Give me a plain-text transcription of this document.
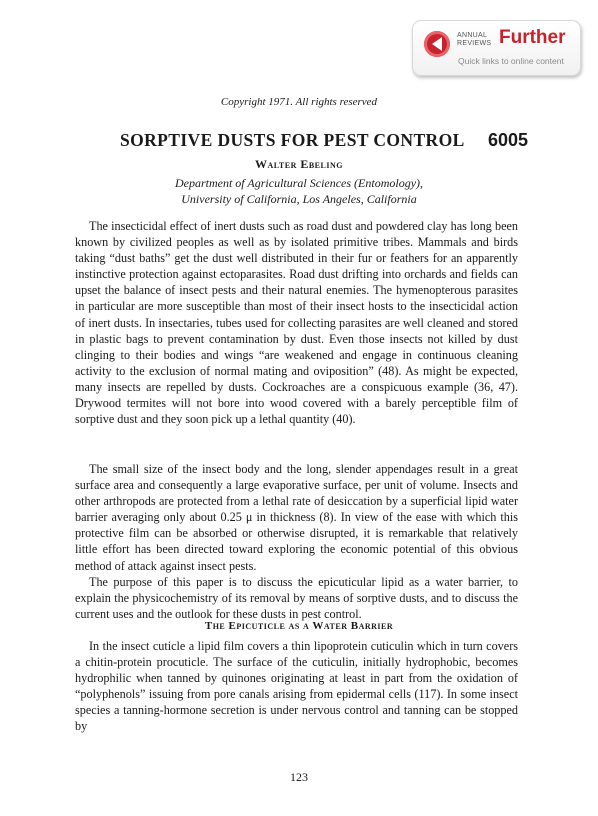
ANNUAL
REVIEWS Further
Quick links to online content
Copyright 1971. All rights reserved
SORPTIVE DUSTS FOR PEST CONTROL 6005
Walter Ebeling
Department of Agricultural Sciences (Entomology),
University of California, Los Angeles, California

The insecticidal effect of inert dusts such as road dust and powdered clay has long been known by civilized peoples as well as by isolated primitive tribes. Mammals and birds taking “dust baths” get the dust well distributed in their fur or feathers for an apparently instinctive protection against ectoparasites. Road dust drifting into orchards and fields can upset the balance of insect pests and their natural enemies. The hymenopterous parasites in particular are more susceptible than most of their insect hosts to the insecticidal action of inert dusts. In insectaries, tubes used for collecting parasites are well cleaned and stored in plastic bags to prevent contamination by dust. Even those insects not killed by dust clinging to their bodies and wings “are weakened and engage in continuous cleaning activity to the exclusion of normal mating and oviposition” (48). As might be expected, many insects are repelled by dusts. Cockroaches are a conspicuous example (36, 47). Drywood termites will not bore into wood covered with a barely perceptible film of sorptive dust and they soon pick up a lethal quantity (40).

The small size of the insect body and the long, slender appendages result in a great surface area and consequently a large evaporative surface, per unit of volume. Insects and other arthropods are protected from a lethal rate of desiccation by a superficial lipid water barrier averaging only about 0.25 μ in thickness (8). In view of the ease with which this protective film can be absorbed or otherwise disrupted, it is remarkable that relatively little effort has been directed toward exploring the economic potential of this obvious method of attack against insect pests.

The purpose of this paper is to discuss the epicuticular lipid as a water barrier, to explain the physicochemistry of its removal by means of sorptive dusts, and to discuss the current uses and the outlook for these dusts in pest control.

The Epicuticle as a Water Barrier

In the insect cuticle a lipid film covers a thin lipoprotein cuticulin which in turn covers a chitin-protein procuticle. The surface of the cuticulin, initially hydrophobic, becomes hydrophilic when tanned by quinones originating at least in part from the oxidation of “polyphenols” issuing from pore canals arising from epidermal cells (117). In some insect species a tanning-hormone secretion is under nervous control and tanning can be stopped by

123
